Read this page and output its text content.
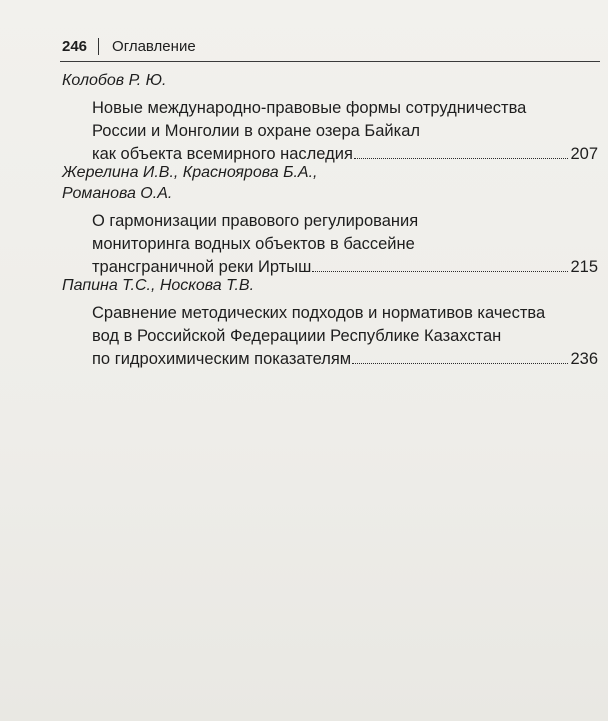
246 Оглавление
Колобов Р. Ю.
Новые международно-правовые формы сотрудничества
России и Монголии в охране озера Байкал
как объекта всемирного наследия	207
Жерелина И.В., Красноярова Б.А.,
Романова О.А.
О гармонизации правового регулирования
мониторинга водных объектов в бассейне
трансграничной реки Иртыш	215
Папина Т.С., Носкова Т.В.
Сравнение методических подходов и нормативов качества
вод в Российской Федерациии Республике Казахстан
по гидрохимическим показателям	236
